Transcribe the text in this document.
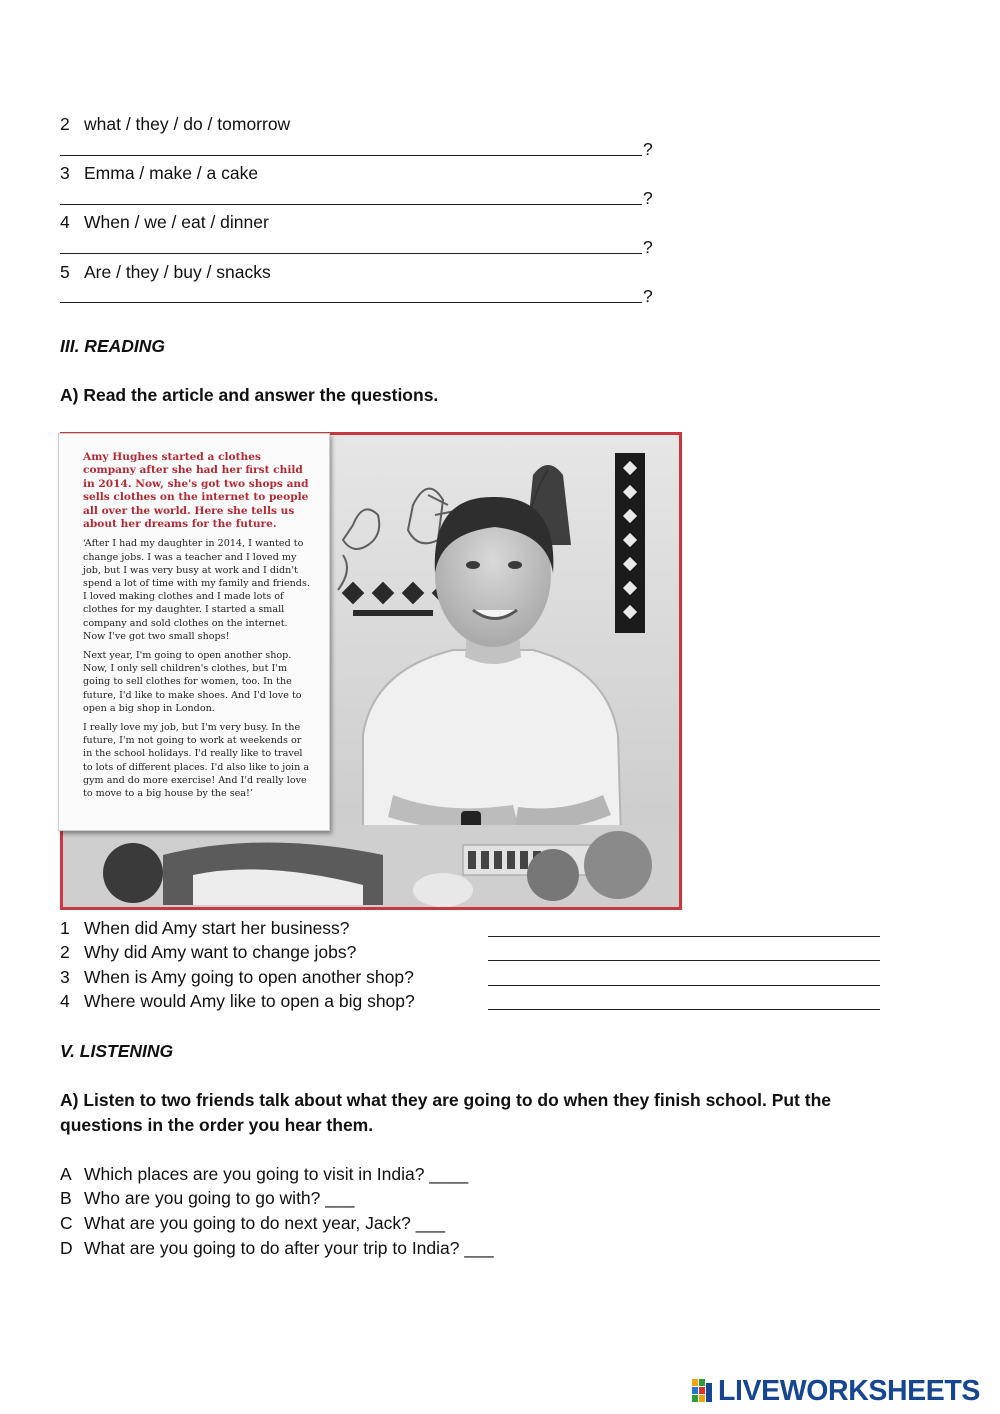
2 what / they / do / tomorrow
?
3 Emma / make / a cake
?
4 When / we / eat / dinner
?
5 Are / they / buy / snacks
?
III. READING
A) Read the article and answer the questions.

Amy Hughes started a clothes company after she had her first child in 2014. Now, she's got two shops and sells clothes on the internet to people all over the world. Here she tells us about her dreams for the future.

‘After I had my daughter in 2014, I wanted to change jobs. I was a teacher and I loved my job, but I was very busy at work and I didn't spend a lot of time with my family and friends. I loved making clothes and I made lots of clothes for my daughter. I started a small company and sold clothes on the internet. Now I've got two small shops!

Next year, I'm going to open another shop. Now, I only sell children's clothes, but I'm going to sell clothes for women, too. In the future, I'd like to make shoes. And I'd love to open a big shop in London.

I really love my job, but I'm very busy. In the future, I'm not going to work at weekends or in the school holidays. I'd really like to travel to lots of different places. I'd also like to join a gym and do more exercise! And I'd really love to move to a big house by the sea!’

1 When did Amy start her business?
2 Why did Amy want to change jobs?
3 When is Amy going to open another shop?
4 Where would Amy like to open a big shop?
V. LISTENING
A) Listen to two friends talk about what they are going to do when they finish school. Put the
questions in the order you hear them.
A Which places are you going to visit in India? ____
B Who are you going to go with? ___
C What are you going to do next year, Jack? ___
D What are you going to do after your trip to India? ___
LIVEWORKSHEETS
